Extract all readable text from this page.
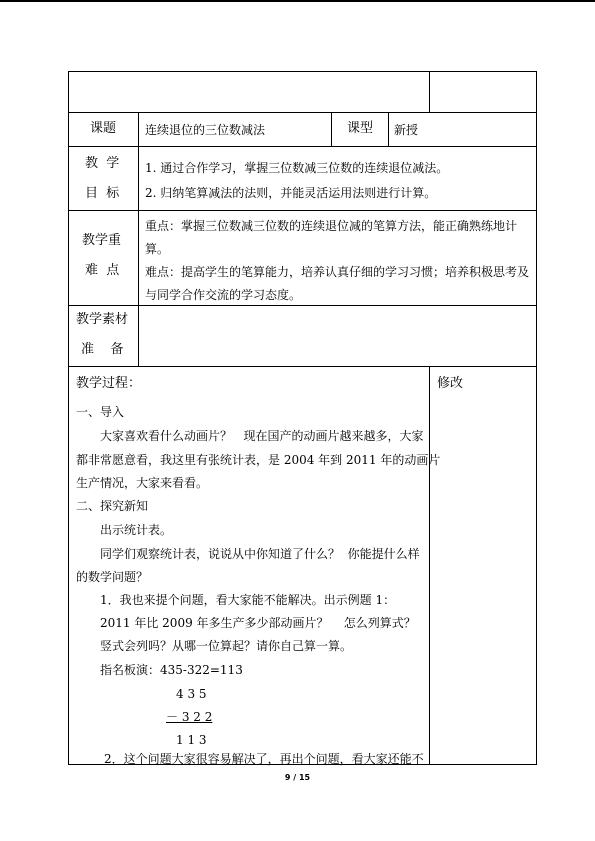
课题 连续退位的三位数减法	课型 新授
教  学
目  标
1. 通过合作学习，掌握三位数减三位数的连续退位减法。
2. 归纳笔算减法的法则，并能灵活运用法则进行计算。
教学重
难  点
重点：掌握三位数减三位数的连续退位减的笔算方法，能正确熟练地计
算。
难点：提高学生的笔算能力，培养认真仔细的学习习惯；培养积极思考及
与同学合作交流的学习态度。
教学素材
准    备
教学过程：	修改
一、导入
大家喜欢看什么动画片？   现在国产的动画片越来越多，大家
都非常愿意看，我这里有张统计表，是 2004 年到 2011 年的动画片
生产情况，大家来看看。
二、探究新知
出示统计表。
同学们观察统计表，说说从中你知道了什么？  你能提什么样
的数学问题？
1．我也来提个问题，看大家能不能解决。出示例题 1：
2011 年比 2009 年多生产多少部动画片？    怎么列算式？
竖式会列吗？从哪一位算起？请你自己算一算。
指名板演：435-322=113
4 3 5
－ 3 2 2
1 1 3
2．这个问题大家很容易解决了，再出个问题，看大家还能不
9 / 15
